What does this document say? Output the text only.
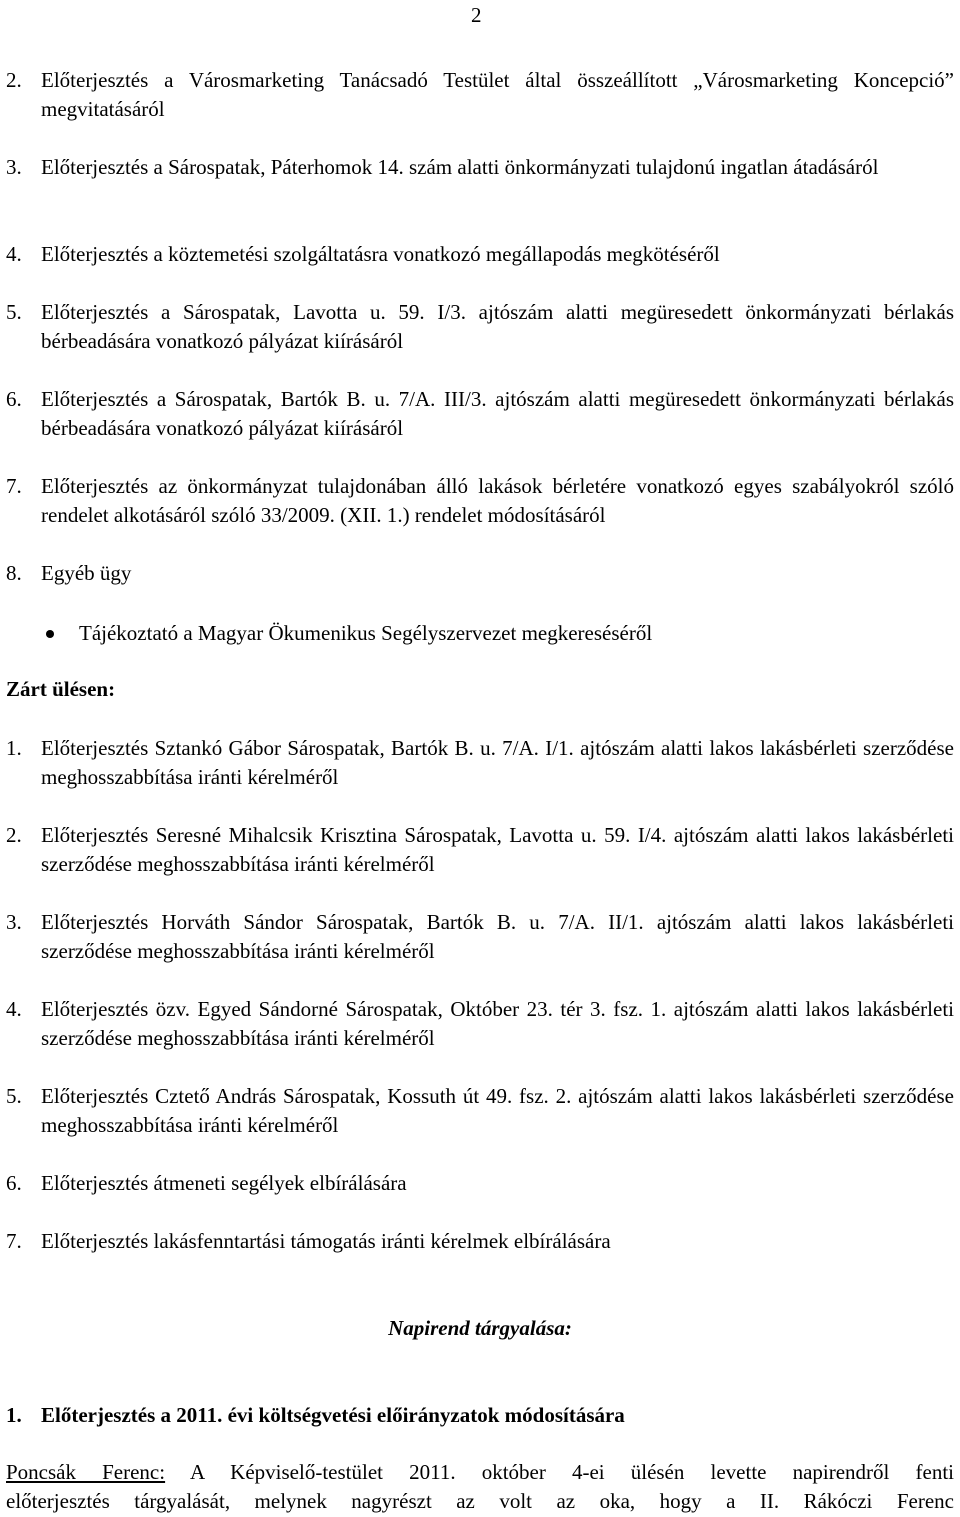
2
2. Előterjesztés a Városmarketing Tanácsadó Testület által összeállított „Városmarketing Koncepció” megvitatásáról
3. Előterjesztés a Sárospatak, Páterhomok 14. szám alatti önkormányzati tulajdonú ingatlan átadásáról
4. Előterjesztés a köztemetési szolgáltatásra vonatkozó megállapodás megkötéséről
5. Előterjesztés a Sárospatak, Lavotta u. 59. I/3. ajtószám alatti megüresedett önkormányzati bérlakás bérbeadására vonatkozó pályázat kiírásáról
6. Előterjesztés a Sárospatak, Bartók B. u. 7/A. III/3. ajtószám alatti megüresedett önkormányzati bérlakás bérbeadására vonatkozó pályázat kiírásáról
7. Előterjesztés az önkormányzat tulajdonában álló lakások bérletére vonatkozó egyes szabályokról szóló rendelet alkotásáról szóló 33/2009. (XII. 1.) rendelet módosításáról
8. Egyéb ügy
Tájékoztató a Magyar Ökumenikus Segélyszervezet megkereséséről
Zárt ülésen:
1. Előterjesztés Sztankó Gábor Sárospatak, Bartók B. u. 7/A. I/1. ajtószám alatti lakos lakásbérleti szerződése meghosszabbítása iránti kérelméről
2. Előterjesztés Seresné Mihalcsik Krisztina Sárospatak, Lavotta u. 59. I/4. ajtószám alatti lakos lakásbérleti szerződése meghosszabbítása iránti kérelméről
3. Előterjesztés Horváth Sándor Sárospatak, Bartók B. u. 7/A. II/1. ajtószám alatti lakos lakásbérleti szerződése meghosszabbítása iránti kérelméről
4. Előterjesztés özv. Egyed Sándorné Sárospatak, Október 23. tér 3. fsz. 1. ajtószám alatti lakos lakásbérleti szerződése meghosszabbítása iránti kérelméről
5. Előterjesztés Cztető András Sárospatak, Kossuth út 49. fsz. 2. ajtószám alatti lakos lakásbérleti szerződése meghosszabbítása iránti kérelméről
6. Előterjesztés átmeneti segélyek elbírálására
7. Előterjesztés lakásfenntartási támogatás iránti kérelmek elbírálására
Napirend tárgyalása:
1. Előterjesztés a 2011. évi költségvetési előirányzatok módosítására
Poncsák Ferenc: A Képviselő-testület 2011. október 4-ei ülésén levette napirendről fenti
előterjesztés tárgyalását, melynek nagyrészt az volt az oka, hogy a II. Rákóczi Ferenc
